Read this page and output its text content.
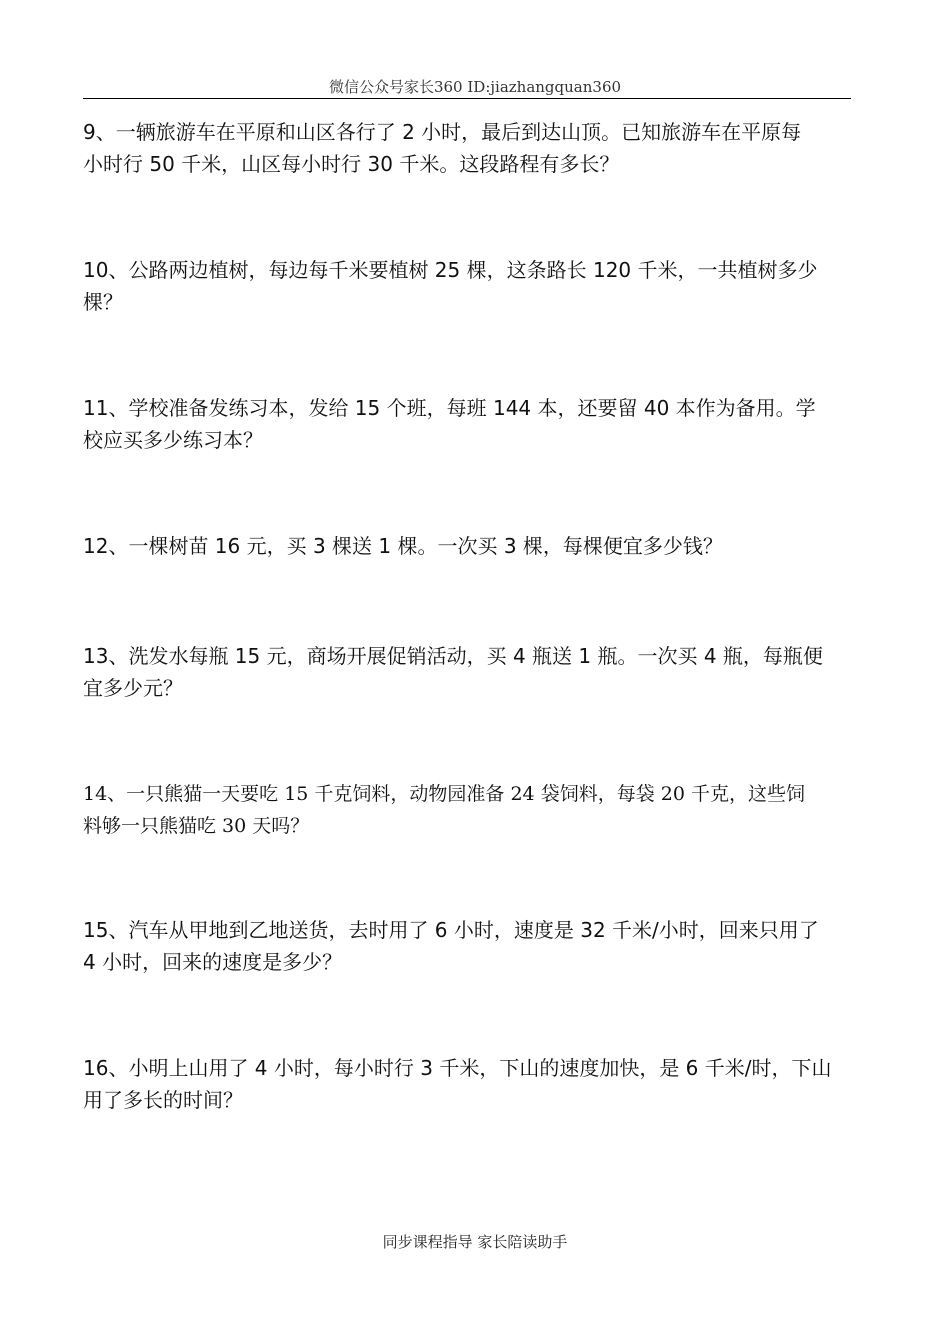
微信公众号家长360 ID:jiazhangquan360
9、一辆旅游车在平原和山区各行了 2 小时，最后到达山顶。已知旅游车在平原每
小时行 50 千米，山区每小时行 30 千米。这段路程有多长？
10、公路两边植树，每边每千米要植树 25 棵，这条路长 120 千米，一共植树多少
棵？
11、学校准备发练习本，发给 15 个班，每班 144 本，还要留 40 本作为备用。学
校应买多少练习本？
12、一棵树苗 16 元，买 3 棵送 1 棵。一次买 3 棵，每棵便宜多少钱？
13、洗发水每瓶 15 元，商场开展促销活动，买 4 瓶送 1 瓶。一次买 4 瓶，每瓶便
宜多少元？
14、一只熊猫一天要吃 15 千克饲料，动物园准备 24 袋饲料，每袋 20 千克，这些饲
料够一只熊猫吃 30 天吗？
15、汽车从甲地到乙地送货，去时用了 6 小时，速度是 32 千米/小时，回来只用了
4 小时，回来的速度是多少？
16、小明上山用了 4 小时，每小时行 3 千米，下山的速度加快，是 6 千米/时，下山
用了多长的时间？
同步课程指导 家长陪读助手
